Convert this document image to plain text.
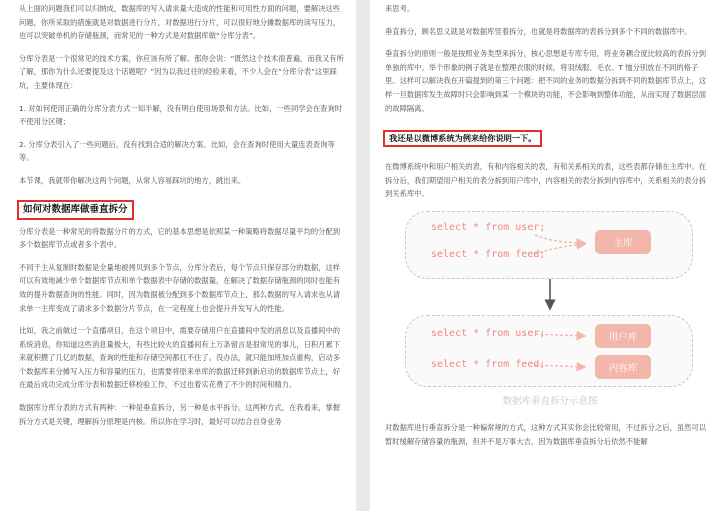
从上面的问题我们可以归纳成，数据库的写入请求量大造成的性能和可用性方面的问题，要解决这些问题，你所采取的措施就是对数据进行分片，对数据进行分片，可以很好地分摊数据库的读写压力，也可以突破单机的存储瓶颈，而常见的一种方式是对数据库做“分库分表”。

分库分表是一个很常见的技术方案，你应该有所了解。那你会说：“既然这个技术很普遍，而我又有所了解，那你为什么还要提及这个话题呢？”因为以我过往的经验来看，不少人会在“分库分表”这里踩坑，主要体现在：

1. 对如何使用正确的分库分表方式一知半解，没有明白使用场景和方法。比如，一些同学会在查询时不使用分区键；

2. 分库分表引入了一些问题后，没有找到合适的解决方案。比如，会在查询时使用大量连表查询等等。

本节课，我就带你解决这两个问题，从常人容易踩坑的地方，跳出来。

如何对数据库做垂直拆分

分库分表是一种常见的将数据分片的方式，它的基本思想是依照某一种策略将数据尽量平均的分配到多个数据库节点或者多个表中。

不同于主从复制时数据是全量地被拷贝到多个节点，分库分表后，每个节点只保存部分的数据，这样可以有效地减少单个数据库节点和单个数据表中存储的数据量，在解决了数据存储瓶颈的同时也能有效的提升数据查询的性能。同时，因为数据被分配到多个数据库节点上，那么数据的写入请求也从请求单一主库变成了请求多个数据分片节点，在一定程度上也会提升并发写入的性能。

比如，我之前做过一个直播项目，在这个项目中，需要存储用户在直播间中发的消息以及直播间中的系统消息，你知道这些消息量极大，有些比较火的直播间有上万条留言是很常见的事儿，日积月累下来就积攒了几亿的数据，查询的性能和存储空间都扛不住了。没办法，就只能加班加点重构，启动多个数据库来分摊写入压力和容量的压力，也需要将原来单库的数据迁移到新启动的数据库节点上，好在最后成功完成分库分表和数据迁移校验工作，不过也着实花费了不少的时间和精力。

数据库分库分表的方式有两种：一种是垂直拆分，另一种是水平拆分。这两种方式，在我看来，掌握拆分方式是关键，理解拆分原理是内核。所以你在学习时，最好可以结合自身业务

来思考。

垂直拆分，顾名思义就是对数据库竖着拆分，也就是将数据库的表拆分到多个不同的数据库中。

垂直拆分的原则一般是按照业务类型来拆分，核心思想是专库专用，将业务耦合度比较高的表拆分到单独的库中。举个形象的例子就是在整理衣服的时候，将羽绒服、毛衣、T 恤分别放在不同的格子里。这样可以解决我在开篇提到的第三个问题：把不同的业务的数据分拆到不同的数据库节点上，这样一旦数据库发生故障时只会影响到某一个模块的功能，不会影响到整体功能，从而实现了数据层面的故障隔离。

我还是以微博系统为例来给你说明一下。

在微博系统中和用户相关的表，有和内容相关的表，有和关系相关的表，这些表都存储在主库中。在拆分后，我们期望用户相关的表分拆到用户库中，内容相关的表分拆到内容库中，关系相关的表分拆到关系库中。

select * from user;
select * from feed;
主库
select * from user;
select * from feed;
用户库
内容库
数据库垂直拆分示意图

对数据库进行垂直拆分是一种偏常规的方式，这种方式其实你会比较常用，不过拆分之后，虽然可以暂时缓解存储容量的瓶颈，但并不是万事大吉，因为数据库垂直拆分后依然不能解
